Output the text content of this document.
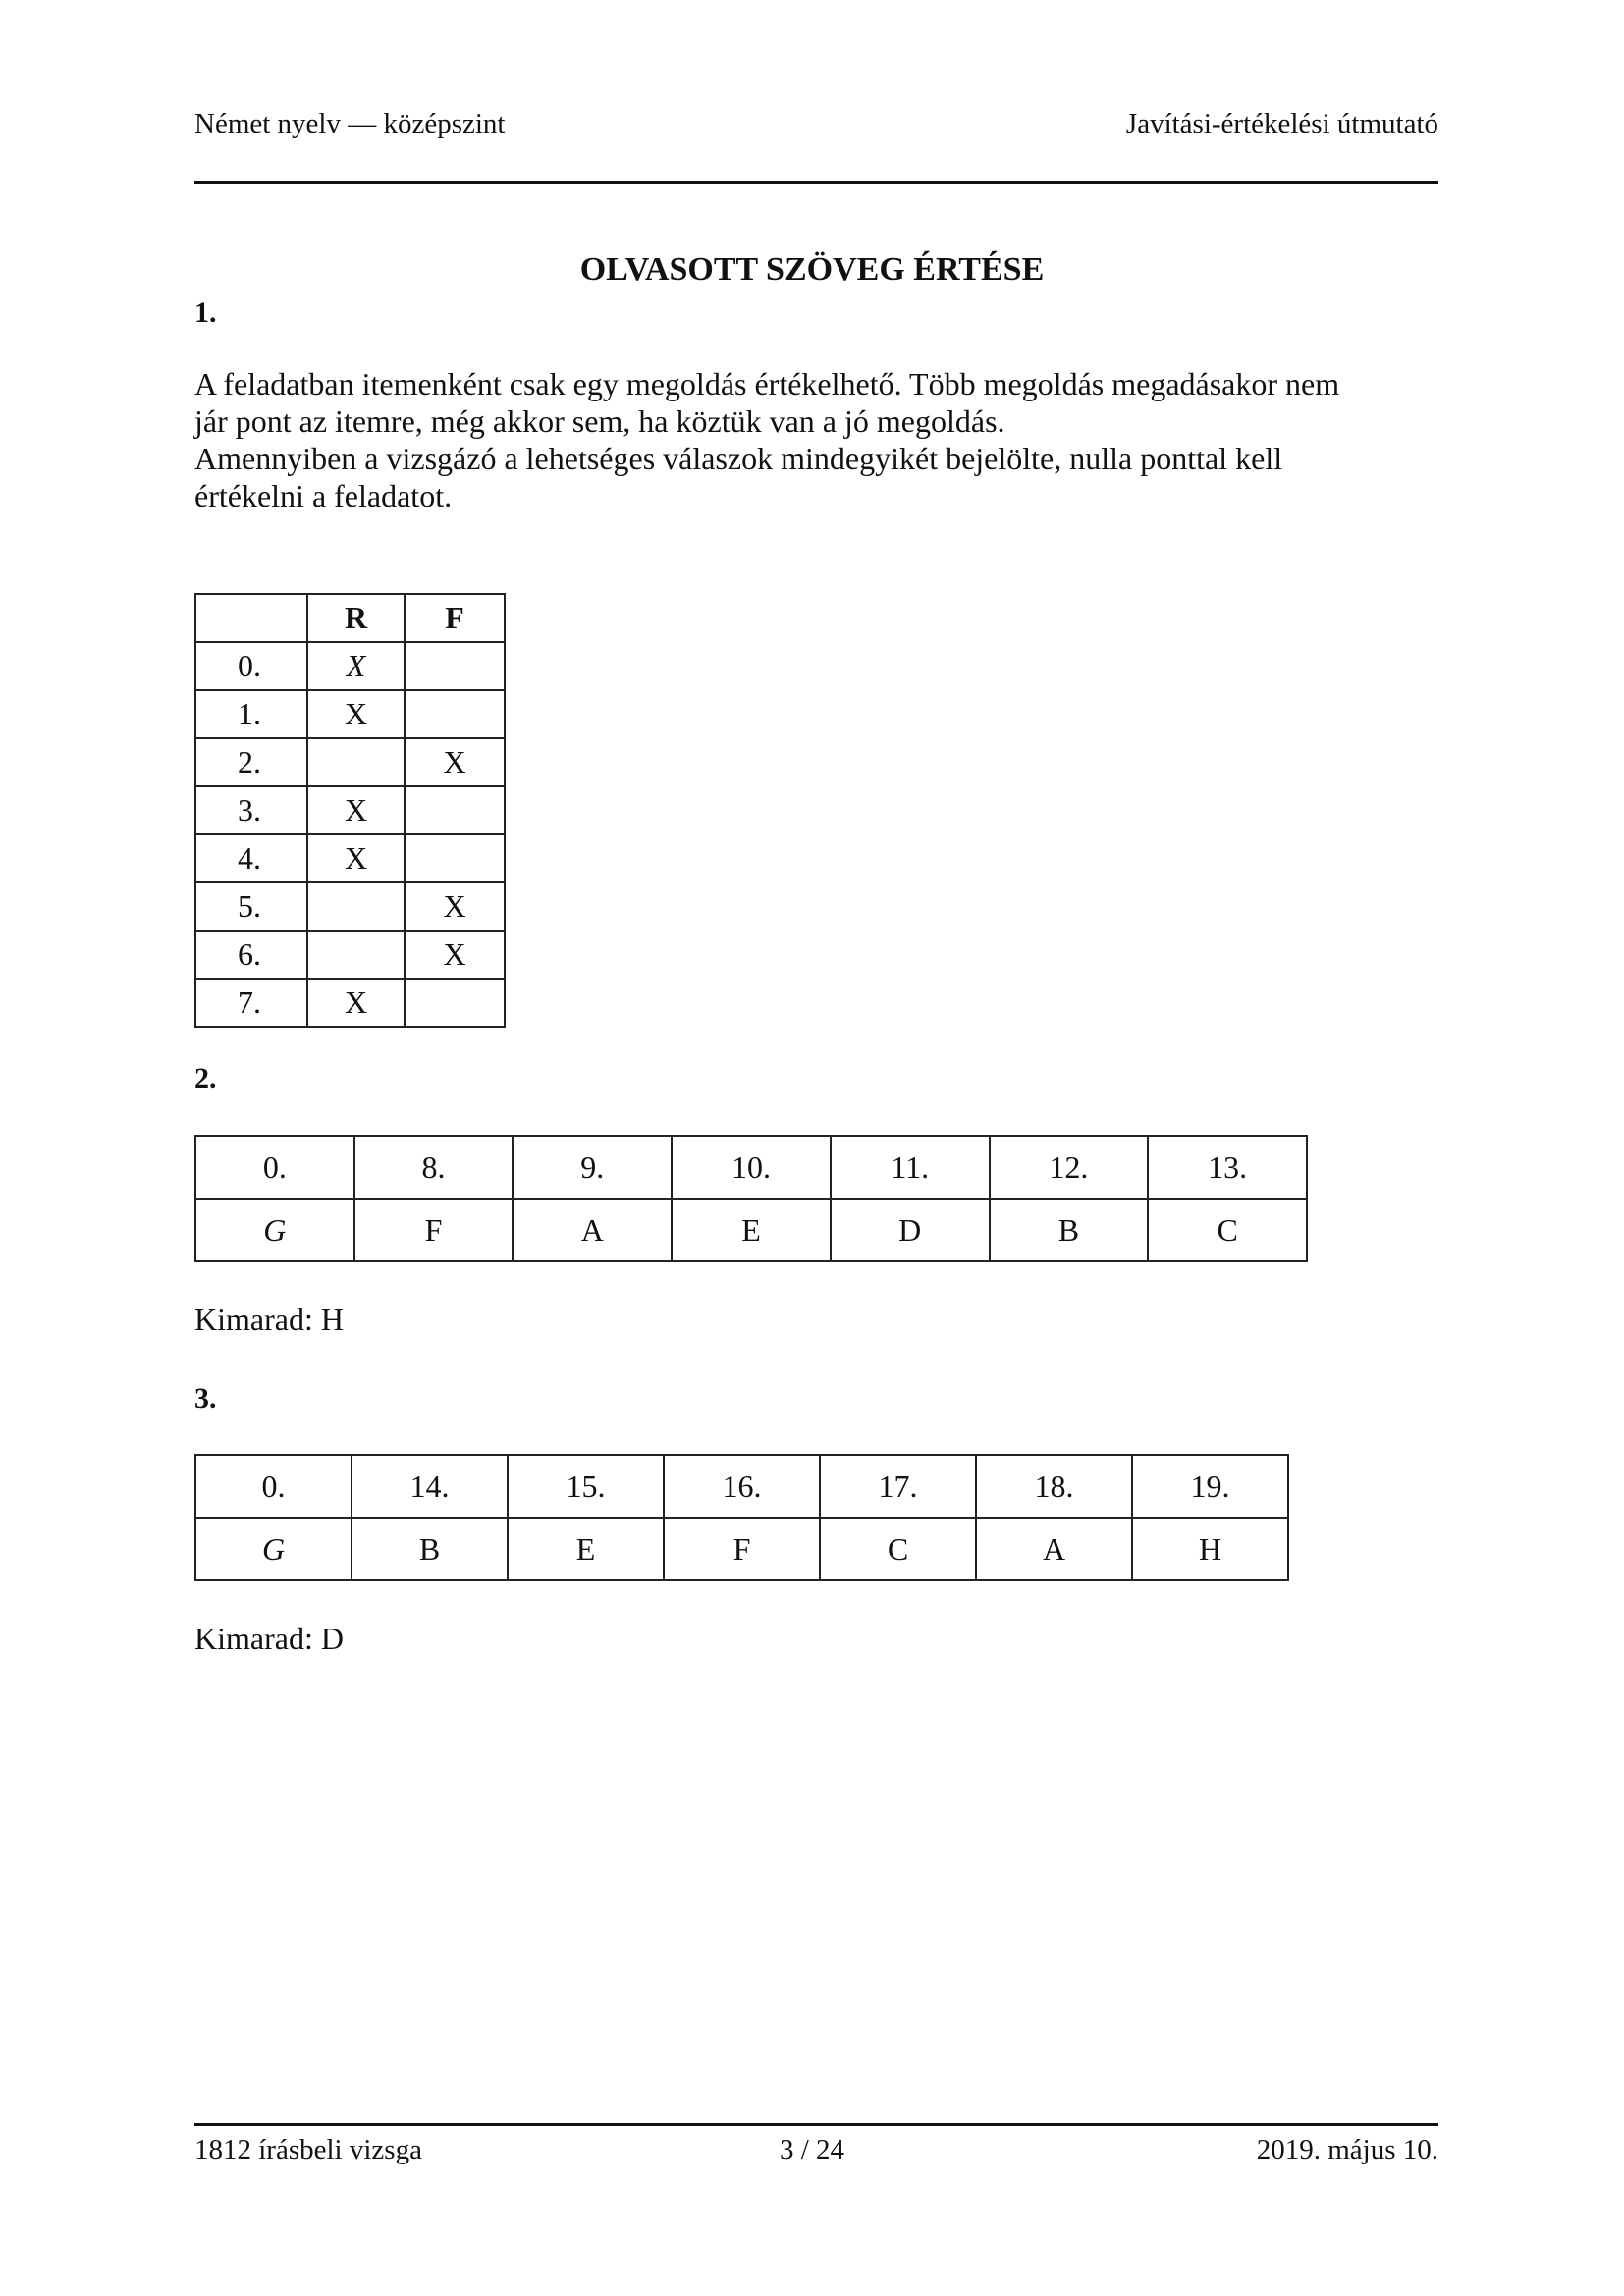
Német nyelv — középszint	Javítási-értékelési útmutató
OLVASOTT SZÖVEG ÉRTÉSE
1.
A feladatban itemenként csak egy megoldás értékelhető. Több megoldás megadásakor nem
jár pont az itemre, még akkor sem, ha köztük van a jó megoldás.
Amennyiben a vizsgázó a lehetséges válaszok mindegyikét bejelölte, nulla ponttal kell
értékelni a feladatot.
	R	F
0.	X	
1.	X	
2.		X
3.	X	
4.	X	
5.		X
6.		X
7.	X	
2.
0.	8.	9.	10.	11.	12.	13.
G	F	A	E	D	B	C
Kimarad: H
3.
0.	14.	15.	16.	17.	18.	19.
G	B	E	F	C	A	H
Kimarad: D
1812 írásbeli vizsga	3 / 24	2019. május 10.
